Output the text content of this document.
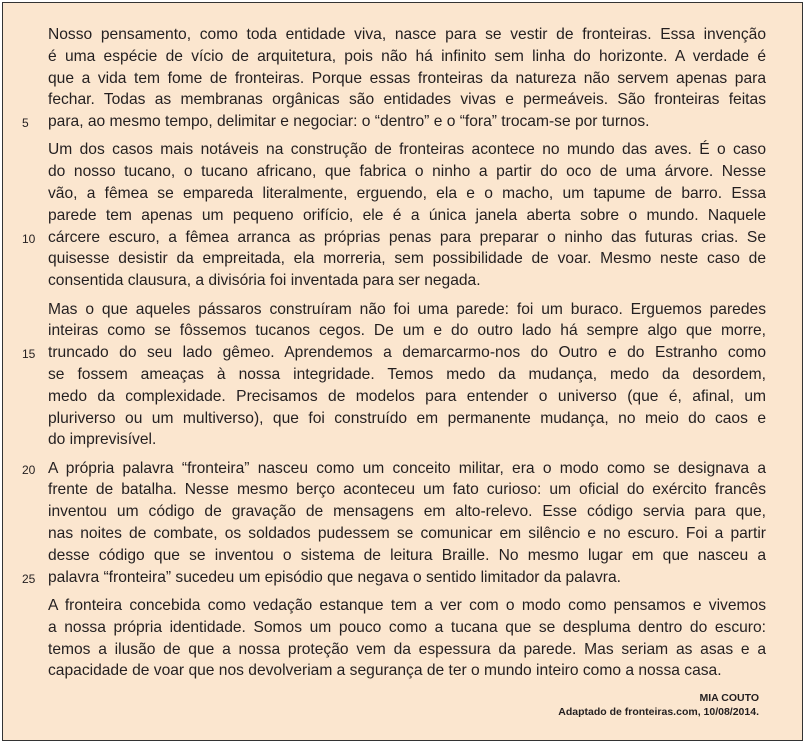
Nosso pensamento, como toda entidade viva, nasce para se vestir de fronteiras. Essa invenção
é uma espécie de vício de arquitetura, pois não há infinito sem linha do horizonte. A verdade é
que a vida tem fome de fronteiras. Porque essas fronteiras da natureza não servem apenas para
fechar. Todas as membranas orgânicas são entidades vivas e permeáveis. São fronteiras feitas
para, ao mesmo tempo, delimitar e negociar: o “dentro” e o “fora” trocam-se por turnos.
5
Um dos casos mais notáveis na construção de fronteiras acontece no mundo das aves. É o caso
do nosso tucano, o tucano africano, que fabrica o ninho a partir do oco de uma árvore. Nesse
vão, a fêmea se empareda literalmente, erguendo, ela e o macho, um tapume de barro. Essa
parede tem apenas um pequeno orifício, ele é a única janela aberta sobre o mundo. Naquele
cárcere escuro, a fêmea arranca as próprias penas para preparar o ninho das futuras crias. Se
10
quisesse desistir da empreitada, ela morreria, sem possibilidade de voar. Mesmo neste caso de
consentida clausura, a divisória foi inventada para ser negada.
Mas o que aqueles pássaros construíram não foi uma parede: foi um buraco. Erguemos paredes
inteiras como se fôssemos tucanos cegos. De um e do outro lado há sempre algo que morre,
truncado do seu lado gêmeo. Aprendemos a demarcarmo-nos do Outro e do Estranho como
15
se fossem ameaças à nossa integridade. Temos medo da mudança, medo da desordem,
medo da complexidade. Precisamos de modelos para entender o universo (que é, afinal, um
pluriverso ou um multiverso), que foi construído em permanente mudança, no meio do caos e
do imprevisível.
A própria palavra “fronteira” nasceu como um conceito militar, era o modo como se designava a
20
frente de batalha. Nesse mesmo berço aconteceu um fato curioso: um oficial do exército francês
inventou um código de gravação de mensagens em alto-relevo. Esse código servia para que,
nas noites de combate, os soldados pudessem se comunicar em silêncio e no escuro. Foi a partir
desse código que se inventou o sistema de leitura Braille. No mesmo lugar em que nasceu a
palavra “fronteira” sucedeu um episódio que negava o sentido limitador da palavra.
25
A fronteira concebida como vedação estanque tem a ver com o modo como pensamos e vivemos
a nossa própria identidade. Somos um pouco como a tucana que se despluma dentro do escuro:
temos a ilusão de que a nossa proteção vem da espessura da parede. Mas seriam as asas e a
capacidade de voar que nos devolveriam a segurança de ter o mundo inteiro como a nossa casa.
MIA COUTO
Adaptado de fronteiras.com, 10/08/2014.
